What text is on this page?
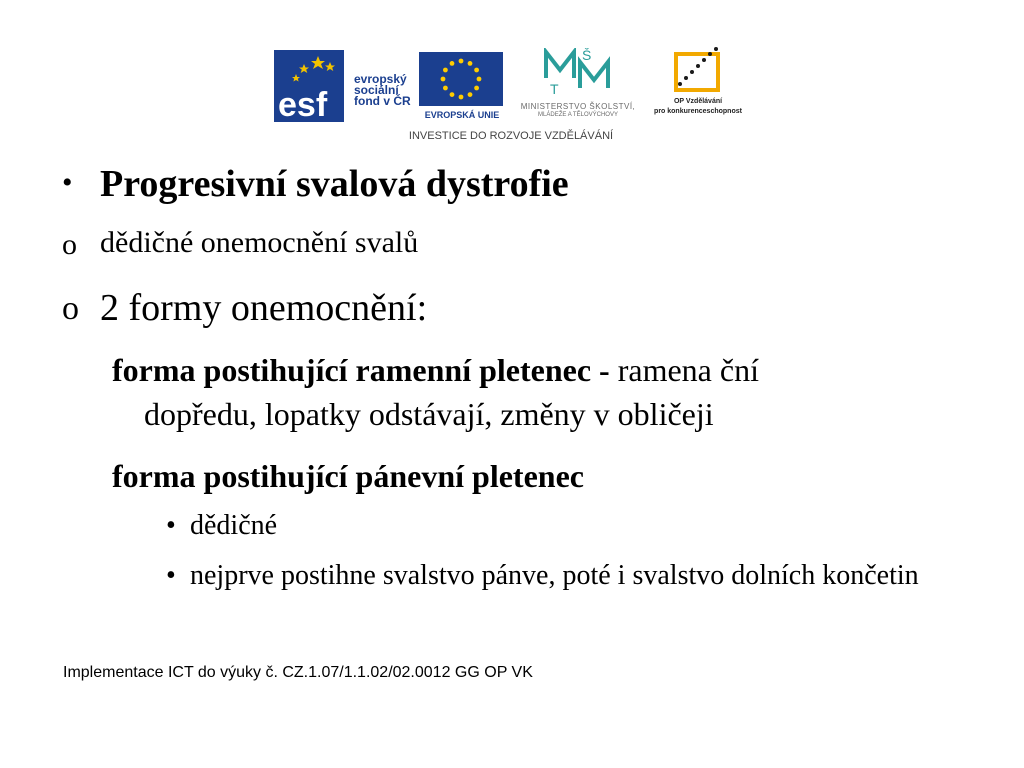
esf
evropský
sociální
fond v ČR
EVROPSKÁ UNIE
Š
T
MINISTERSTVO ŠKOLSTVÍ,
MLÁDEŽE A TĚLOVÝCHOVY
OP Vzdělávání
pro konkurenceschopnost
INVESTICE DO ROZVOJE VZDĚLÁVÁNÍ
• Progresivní svalová dystrofie
o dědičné onemocnění svalů
o 2 formy onemocnění:
forma postihující ramenní pletenec - ramena ční
dopředu, lopatky odstávají, změny v obličeji
forma postihující pánevní pletenec
• dědičné
• nejprve postihne svalstvo pánve, poté i svalstvo dolních končetin
Implementace ICT do výuky č. CZ.1.07/1.1.02/02.0012 GG OP VK
